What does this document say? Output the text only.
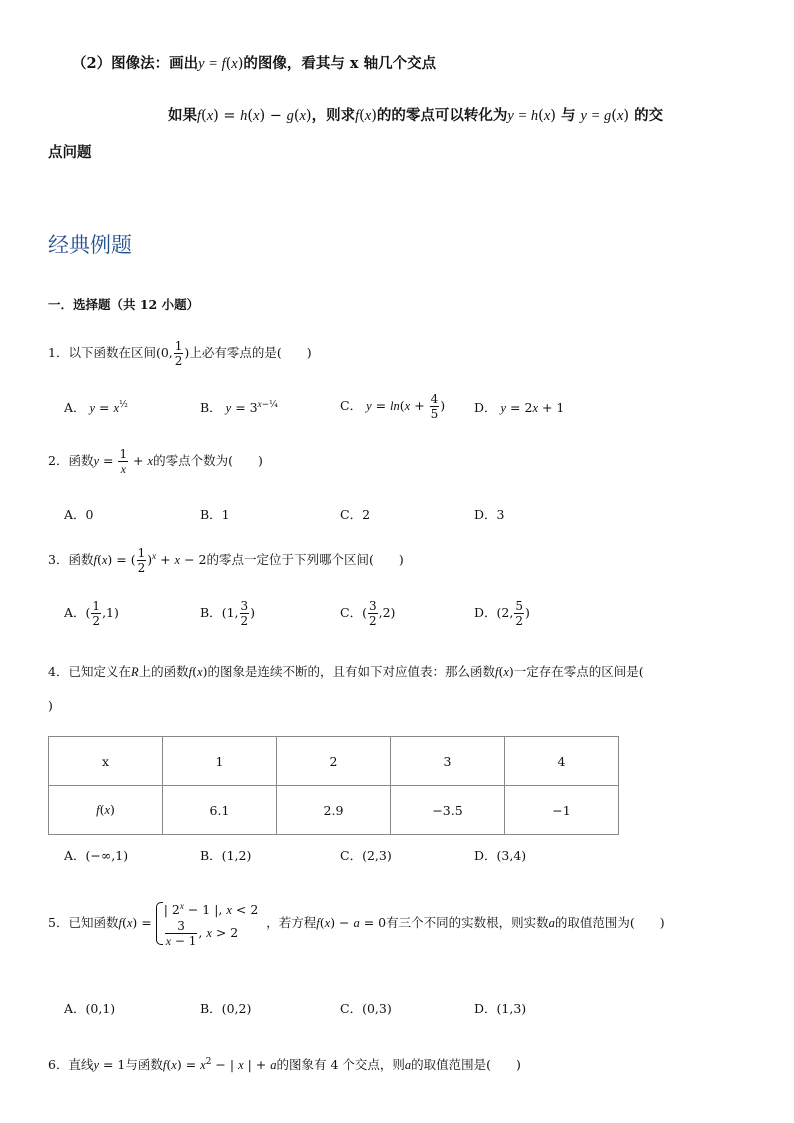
（2）图像法：画出y = f(x)的图像，看其与 x 轴几个交点
如果f(x) = h(x) − g(x)，则求f(x)的的零点可以转化为y = h(x) 与 y = g(x) 的交
点问题
经典例题
一．选择题（共 12 小题）
1．以下函数在区间(0, $\frac{1}{2}$ )上必有零点的是(　　)
A． $y = x^{\frac{1}{2}}$	B． $y = 3^{x-\frac{1}{4}}$	C． $y = \ln(x + \frac{4}{5}$ ) D． y = 2x + 1
2．函数$y = \frac{1}{x} + x$的零点个数为(　　)
A．0	B．1	C．2	D．3
3．函数f(x) = ( $\frac{1}{2} )^x + x - 2$的零点一定位于下列哪个区间(　　)
A．( $\frac{1}{2} ,1$)	B．(1, $\frac{3}{2}$ )	C．( $\frac{3}{2} ,2$)	D．(2, $\frac{5}{2}$ )
4．已知定义在R上的函数f(x)的图象是连续不断的，且有如下对应值表：那么函数f(x)一定存在零点的区间是(
)
x	1	2	3	4
f(x)	6.1	2.9	−3.5	−1
A．(−∞,1)	B．(1,2)	C．(2,3)	D．(3,4)
5．已知函数f(x) =
| $2^x - 1$ |, x < 2
$\frac{3}{x - 1}$ , x > 2
，若方程f(x) − a = 0有三个不同的实数根，则实数a的取值范围为(　　)
A．(0,1)	B．(0,2)	C．(0,3)	D．(1,3)
6．直线y = 1与函数$f(x) = x^2$ − | x | + a的图象有 4 个交点，则a的取值范围是(　　)
